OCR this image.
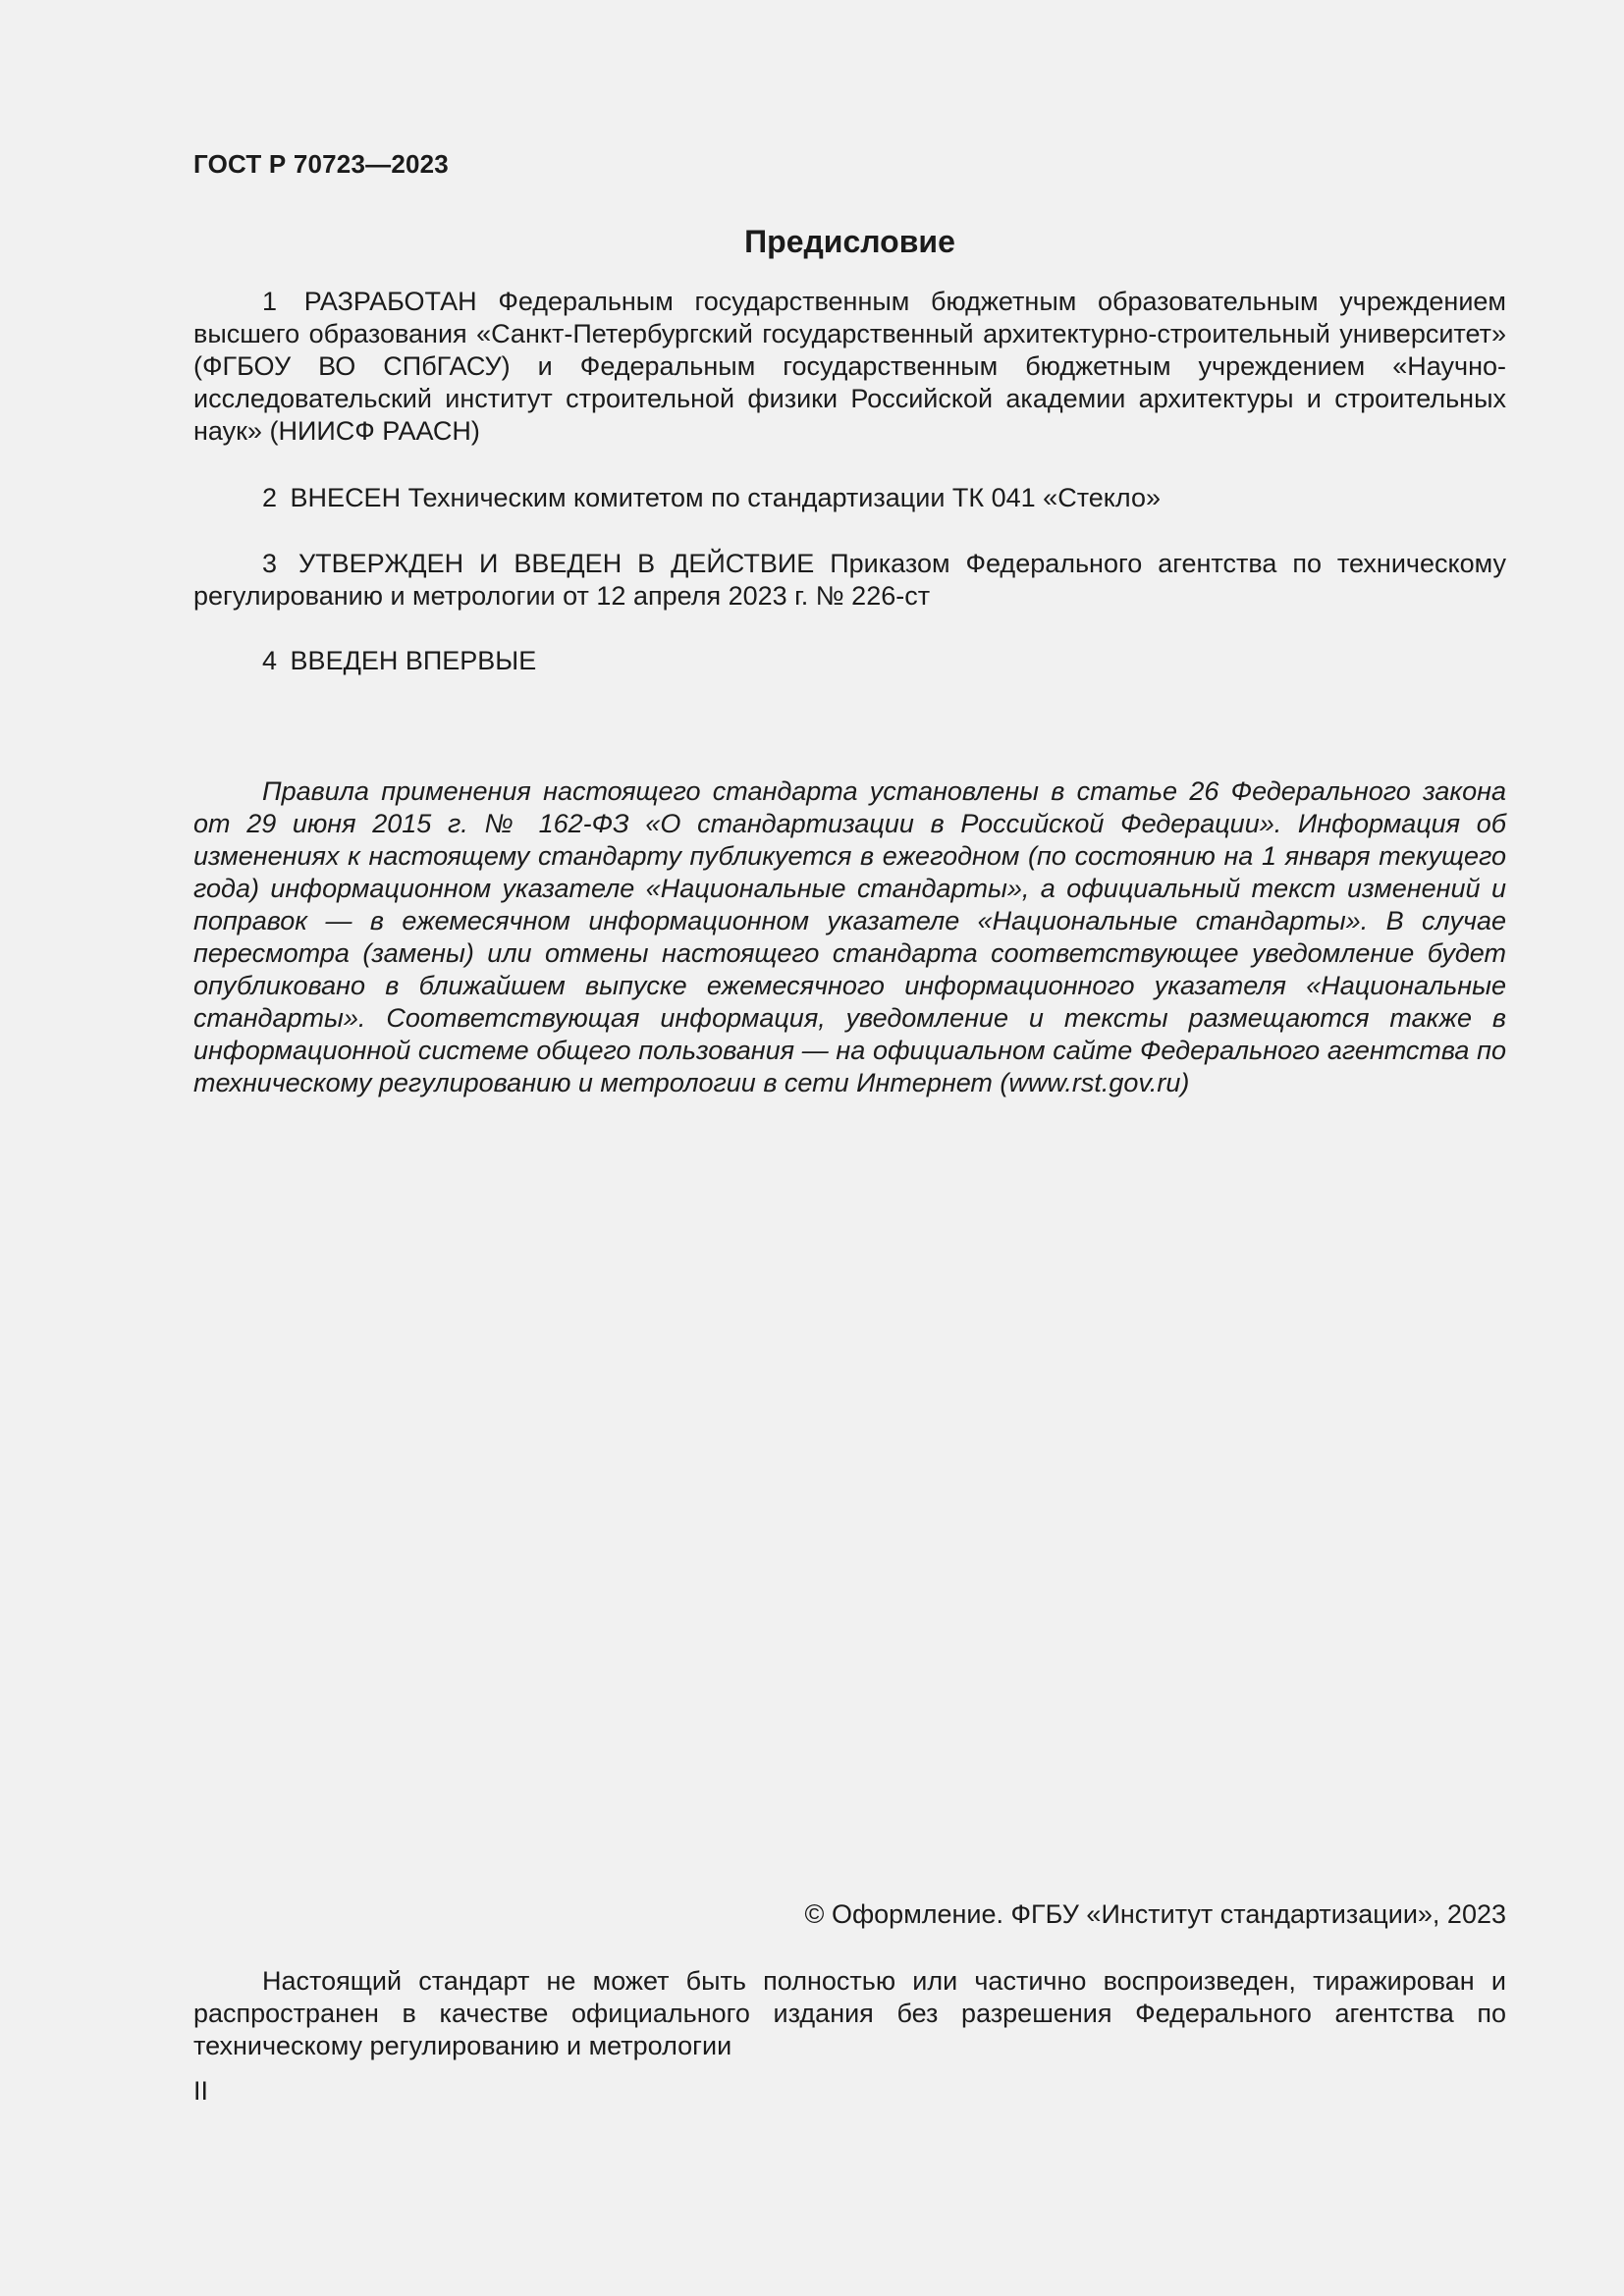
ГОСТ Р 70723—2023
Предисловие

1 РАЗРАБОТАН Федеральным государственным бюджетным образовательным учреждением высшего образования «Санкт-Петербургский государственный архитектурно-строительный университет» (ФГБОУ ВО СПбГАСУ) и Федеральным государственным бюджетным учреждением «Научно-исследовательский институт строительной физики Российской академии архитектуры и строительных наук» (НИИСФ РААСН)

2 ВНЕСЕН Техническим комитетом по стандартизации ТК 041 «Стекло»

3 УТВЕРЖДЕН И ВВЕДЕН В ДЕЙСТВИЕ Приказом Федерального агентства по техническому регулированию и метрологии от 12 апреля 2023 г. № 226-ст

4 ВВЕДЕН ВПЕРВЫЕ

Правила применения настоящего стандарта установлены в статье 26 Федерального закона от 29 июня 2015 г. № 162-ФЗ «О стандартизации в Российской Федерации». Информация об изменениях к настоящему стандарту публикуется в ежегодном (по состоянию на 1 января текущего года) информационном указателе «Национальные стандарты», а официальный текст изменений и поправок — в ежемесячном информационном указателе «Национальные стандарты». В случае пересмотра (замены) или отмены настоящего стандарта соответствующее уведомление будет опубликовано в ближайшем выпуске ежемесячного информационного указателя «Национальные стандарты». Соответствующая информация, уведомление и тексты размещаются также в информационной системе общего пользования — на официальном сайте Федерального агентства по техническому регулированию и метрологии в сети Интернет (www.rst.gov.ru)

© Оформление. ФГБУ «Институт стандартизации», 2023

Настоящий стандарт не может быть полностью или частично воспроизведен, тиражирован и распространен в качестве официального издания без разрешения Федерального агентства по техническому регулированию и метрологии

II
